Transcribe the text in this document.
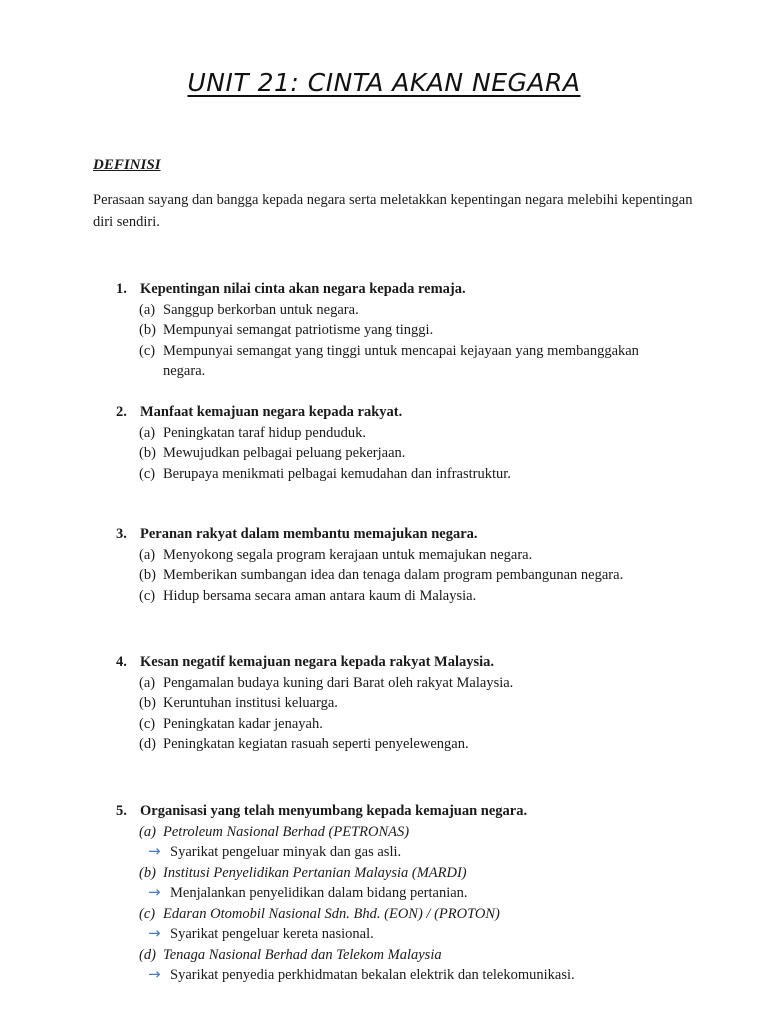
UNIT 21: CINTA AKAN NEGARA
DEFINISI
Perasaan sayang dan bangga kepada negara serta meletakkan kepentingan negara melebihi kepentingan diri sendiri.
1. Kepentingan nilai cinta akan negara kepada remaja.
(a) Sanggup berkorban untuk negara.
(b) Mempunyai semangat patriotisme yang tinggi.
(c) Mempunyai semangat yang tinggi untuk mencapai kejayaan yang membanggakan negara.
2. Manfaat kemajuan negara kepada rakyat.
(a) Peningkatan taraf hidup penduduk.
(b) Mewujudkan pelbagai peluang pekerjaan.
(c) Berupaya menikmati pelbagai kemudahan dan infrastruktur.
3. Peranan rakyat dalam membantu memajukan negara.
(a) Menyokong segala program kerajaan untuk memajukan negara.
(b) Memberikan sumbangan idea dan tenaga dalam program pembangunan negara.
(c) Hidup bersama secara aman antara kaum di Malaysia.
4. Kesan negatif kemajuan negara kepada rakyat Malaysia.
(a) Pengamalan budaya kuning dari Barat oleh rakyat Malaysia.
(b) Keruntuhan institusi keluarga.
(c) Peningkatan kadar jenayah.
(d) Peningkatan kegiatan rasuah seperti penyelewengan.
5. Organisasi yang telah menyumbang kepada kemajuan negara.
(a) Petroleum Nasional Berhad (PETRONAS)
→ Syarikat pengeluar minyak dan gas asli.
(b) Institusi Penyelidikan Pertanian Malaysia (MARDI)
→ Menjalankan penyelidikan dalam bidang pertanian.
(c) Edaran Otomobil Nasional Sdn. Bhd. (EON) / (PROTON)
→ Syarikat pengeluar kereta nasional.
(d) Tenaga Nasional Berhad dan Telekom Malaysia
→ Syarikat penyedia perkhidmatan bekalan elektrik dan telekomunikasi.
